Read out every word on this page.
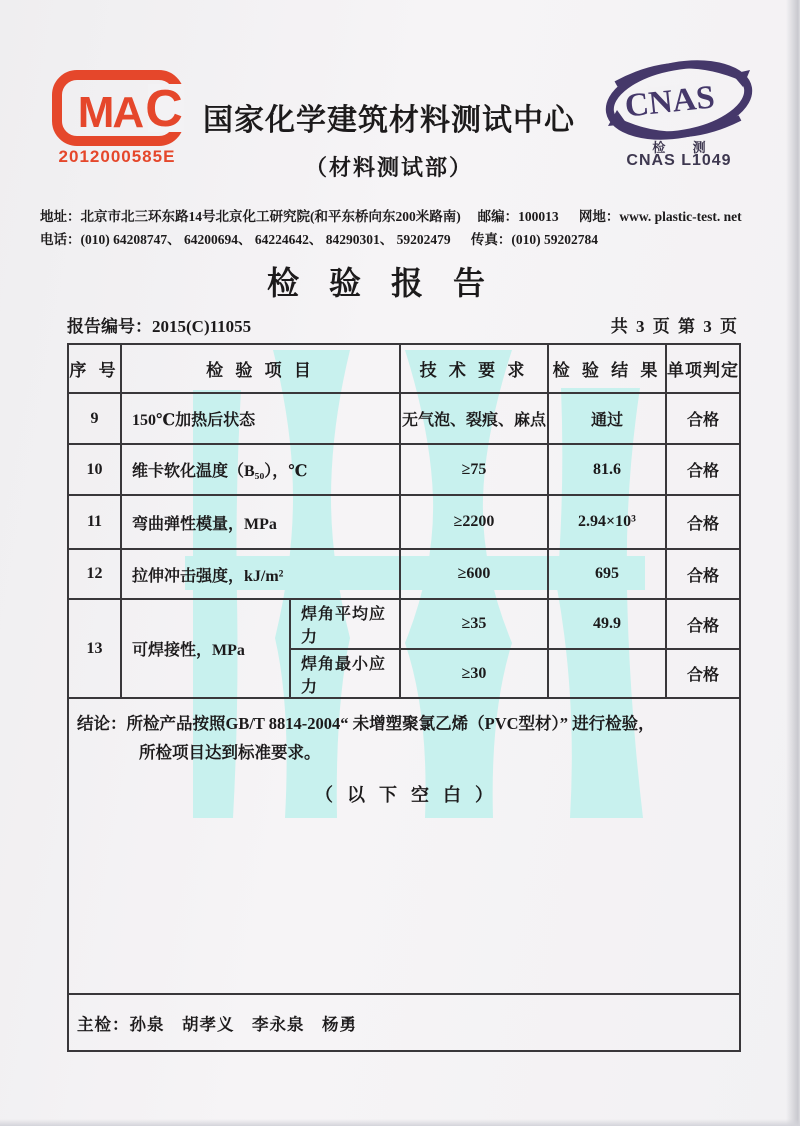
C
MA
2012000585E
国家化学建筑材料测试中心
（材料测试部）
CNAS
检 测
CNAS L1049
地址：北京市北三环东路14号北京化工研究院(和平东桥向东200米路南)　 邮编：100013 　 网地：www. plastic-test. net
电话：(010) 64208747、 64200694、 64224642、 84290301、 59202479 　 传真：(010) 59202784
检验报告
报告编号：2015(C)11055	共 3 页 第 3 页
序 号	检 验 项 目		技 术 要 求	检 验 结 果	单项判定
9	150℃加热后状态		无气泡、裂痕、麻点	通过	合格
10	维卡软化温度（B₅₀），℃		≥75	81.6	合格
11	弯曲弹性模量，MPa		≥2200	2.94×10³	合格
12	拉伸冲击强度，kJ/m²		≥600	695	合格
13	可焊接性，MPa	焊角平均应力	≥35	49.9	合格
		焊角最小应力	≥30		合格

结论：所检产品按照GB/T 8814-2004“ 未增塑聚氯乙烯（PVC型材）” 进行检验，
所检项目达到标准要求。
（以下空白）					

主检：孙泉　胡孝义　李永泉　杨勇					
